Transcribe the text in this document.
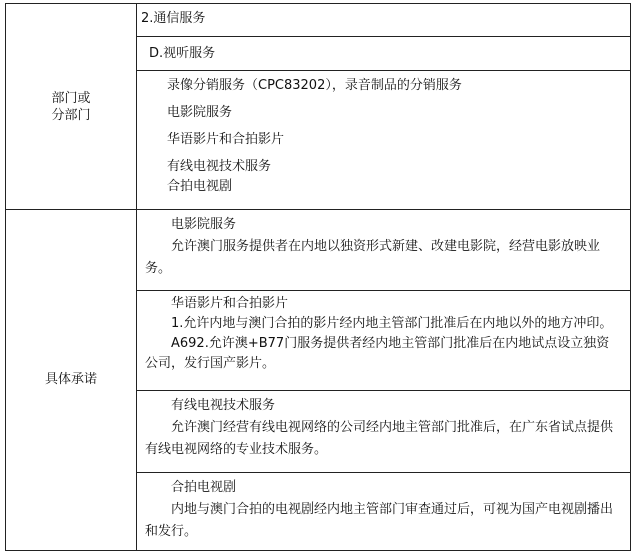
部门或
分部门
具体承诺
2.通信服务
D.视听服务
录像分销服务（CPC83202），录音制品的分销服务
电影院服务
华语影片和合拍影片
有线电视技术服务
合拍电视剧
电影院服务
允许澳门服务提供者在内地以独资形式新建、改建电影院，经营电影放映业务。
华语影片和合拍影片
1.允许内地与澳门合拍的影片经内地主管部门批准后在内地以外的地方冲印。
A692.允许澳+B77门服务提供者经内地主管部门批准后在内地试点设立独资公司，发行国产影片。
有线电视技术服务
允许澳门经营有线电视网络的公司经内地主管部门批准后，在广东省试点提供有线电视网络的专业技术服务。
合拍电视剧
内地与澳门合拍的电视剧经内地主管部门审查通过后，可视为国产电视剧播出和发行。
